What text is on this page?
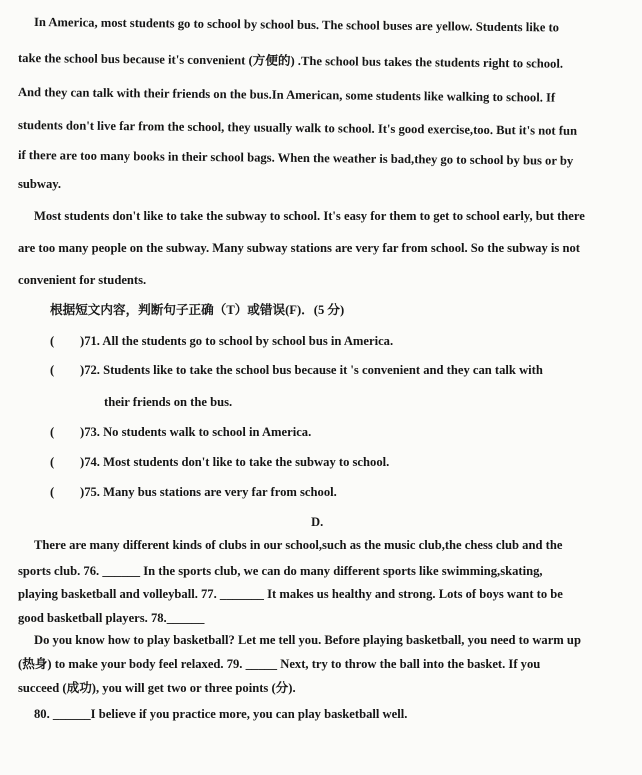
In America, most students go to school by school bus. The school buses are yellow. Students like to
take the school bus because it's convenient (方便的) .The school bus takes the students right to school.
And they can talk with their friends on the bus.In American, some students like walking to school. If
students don't live far from the school, they usually walk to school. It's good exercise,too. But it's not fun
if there are too many books in their school bags. When the weather is bad,they go to school by bus or by
subway.
Most students don't like to take the subway to school. It's easy for them to get to school early, but there
are too many people on the subway. Many subway stations are very far from school. So the subway is not
convenient for students.
根据短文内容，判断句子正确（T）或错误(F)．(5 分)
( )71. All the students go to school by school bus in America.
( )72. Students like to take the school bus because it 's convenient and they can talk with
their friends on the bus.
( )73. No students walk to school in America.
( )74. Most students don't like to take the subway to school.
( )75. Many bus stations are very far from school.
D.
There are many different kinds of clubs in our school,such as the music club,the chess club and the
sports club. 76. ______ In the sports club, we can do many different sports like swimming,skating,
playing basketball and volleyball. 77. _______ It makes us healthy and strong. Lots of boys want to be
good basketball players. 78.______
Do you know how to play basketball? Let me tell you. Before playing basketball, you need to warm up
(热身) to make your body feel relaxed. 79. _____ Next, try to throw the ball into the basket. If you
succeed (成功), you will get two or three points (分).
80. ______I believe if you practice more, you can play basketball well.
